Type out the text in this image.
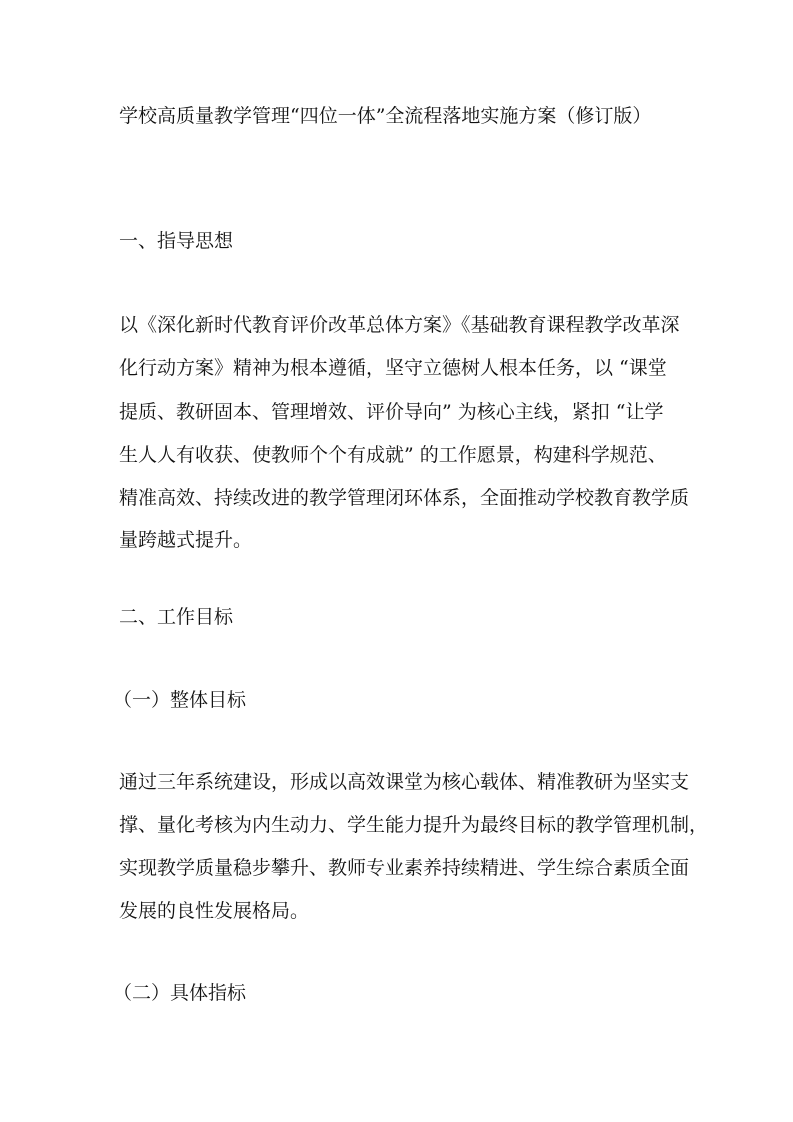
学校高质量教学管理“四位一体”全流程落地实施方案（修订版）
一、指导思想
以《深化新时代教育评价改革总体方案》《基础教育课程教学改革深
化行动方案》精神为根本遵循，坚守立德树人根本任务，以 “课堂
提质、教研固本、管理增效、评价导向” 为核心主线，紧扣 “让学
生人人有收获、使教师个个有成就” 的工作愿景，构建科学规范、
精准高效、持续改进的教学管理闭环体系，全面推动学校教育教学质
量跨越式提升。
二、工作目标
（一）整体目标
通过三年系统建设，形成以高效课堂为核心载体、精准教研为坚实支
撑、量化考核为内生动力、学生能力提升为最终目标的教学管理机制，
实现教学质量稳步攀升、教师专业素养持续精进、学生综合素质全面
发展的良性发展格局。
（二）具体指标
